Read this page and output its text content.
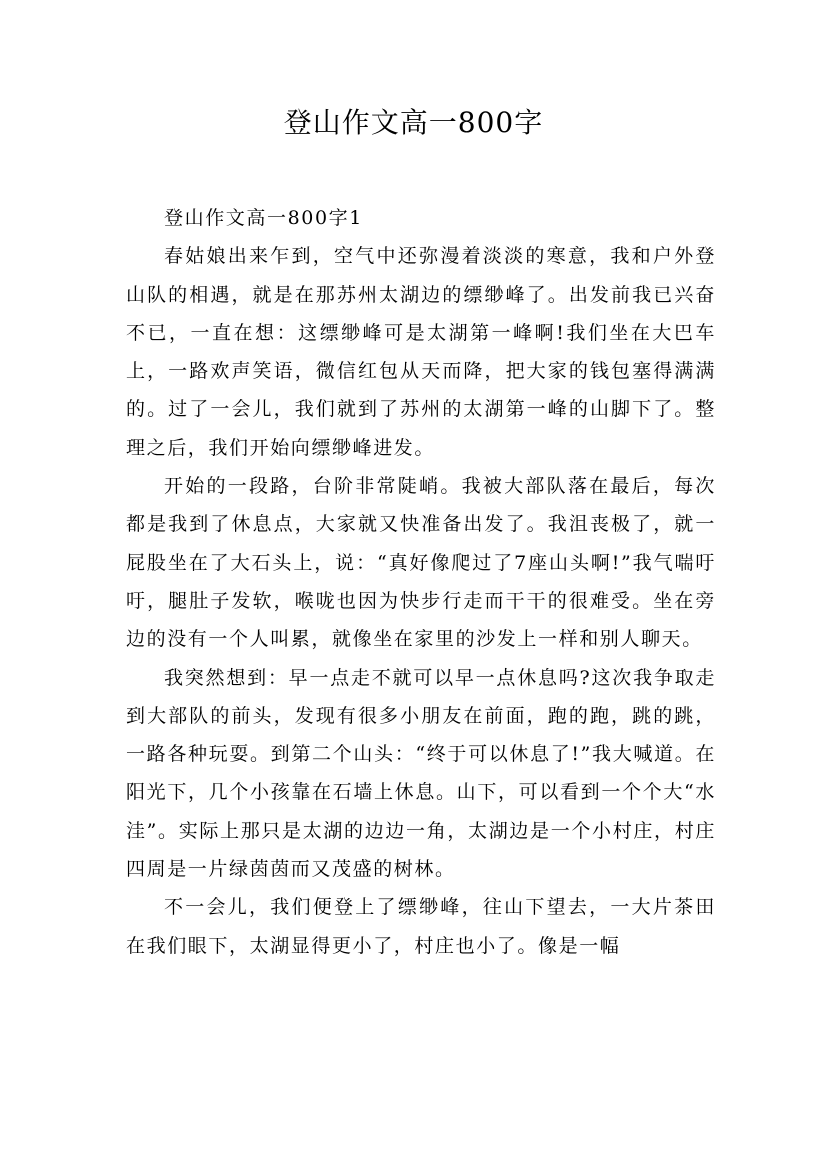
登山作文高一800字

登山作文高一800字1

春姑娘出来乍到，空气中还弥漫着淡淡的寒意，我和户外登山队的相遇，就是在那苏州太湖边的缥缈峰了。出发前我已兴奋不已，一直在想：这缥缈峰可是太湖第一峰啊!我们坐在大巴车上，一路欢声笑语，微信红包从天而降，把大家的钱包塞得满满的。过了一会儿，我们就到了苏州的太湖第一峰的山脚下了。整理之后，我们开始向缥缈峰进发。

开始的一段路，台阶非常陡峭。我被大部队落在最后，每次都是我到了休息点，大家就又快准备出发了。我沮丧极了，就一屁股坐在了大石头上，说：“真好像爬过了7座山头啊!”我气喘吁吁，腿肚子发软，喉咙也因为快步行走而干干的很难受。坐在旁边的没有一个人叫累，就像坐在家里的沙发上一样和别人聊天。

我突然想到：早一点走不就可以早一点休息吗?这次我争取走到大部队的前头，发现有很多小朋友在前面，跑的跑，跳的跳，一路各种玩耍。到第二个山头：“终于可以休息了!”我大喊道。在阳光下，几个小孩靠在石墙上休息。山下，可以看到一个个大“水洼”。实际上那只是太湖的边边一角，太湖边是一个小村庄，村庄四周是一片绿茵茵而又茂盛的树林。

不一会儿，我们便登上了缥缈峰，往山下望去，一大片茶田在我们眼下，太湖显得更小了，村庄也小了。像是一幅
